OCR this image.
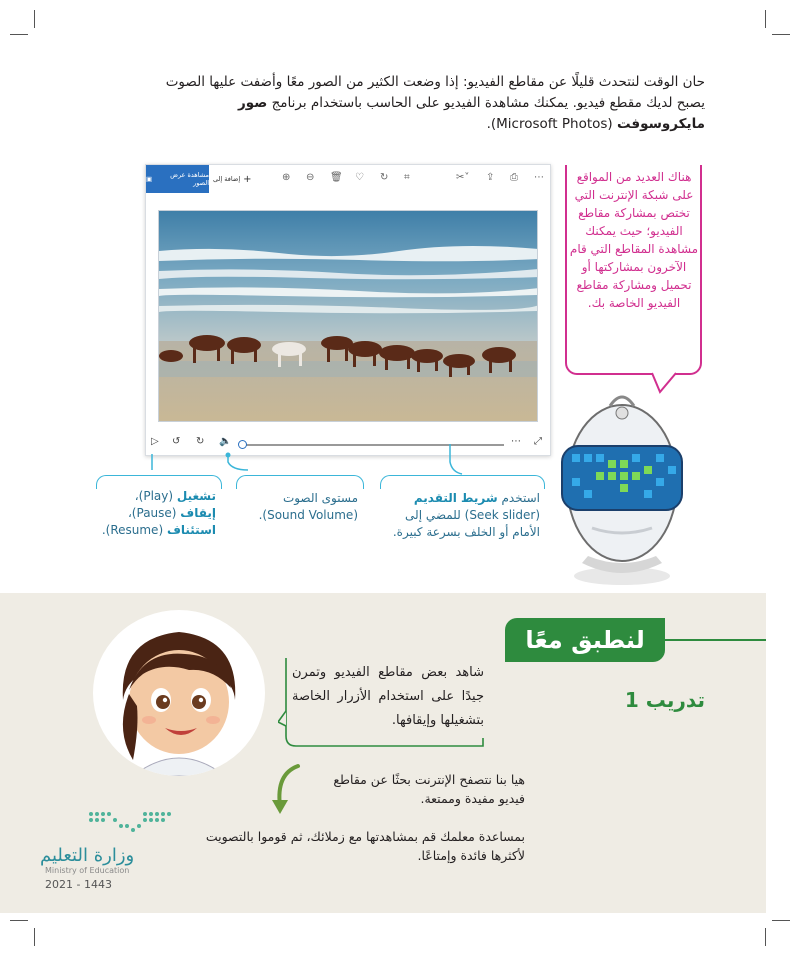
حان الوقت لنتحدث قليلًا عن مقاطع الفيديو: إذا وضعت الكثير من الصور معًا وأضفت عليها الصوت يصبح لديك مقطع فيديو. يمكنك مشاهدة الفيديو على الحاسب باستخدام برنامج صور مايكروسوفت (Microsoft Photos).

مشاهدة عرض الصور
▣	+
إضافة إلى	⊕ ⊖ 🗑 ♡ ↻ ⌗	✂˅ ⇪ ⎙ ⋯
▷ ↺ ↻ 🔈	⋯ ⤢
تشغيل (Play)،
إيقاف (Pause)،
استئناف (Resume).
مستوى الصوت
(Sound Volume).
استخدم شريط التقديم
(Seek slider) للمضي إلى
الأمام أو الخلف بسرعة كبيرة.

هناك العديد من المواقع على شبكة الإنترنت التي تختص بمشاركة مقاطع الفيديو؛ حيث يمكنك مشاهدة المقاطع التي قام الآخرون بمشاركتها أو تحميل ومشاركة مقاطع الفيديو الخاصة بك.

لنطبق معًا
تدريب 1

شاهد بعض مقاطع الفيديو وتمرن جيدًا على استخدام الأزرار الخاصة بتشغيلها وإيقافها.

هيا بنا نتصفح الإنترنت بحثًا عن مقاطع فيديو مفيدة وممتعة.

بمساعدة معلمك قم بمشاهدتها مع زملائك، ثم قوموا بالتصويت لأكثرها فائدة وإمتاعًا.

وزارة التعليم
Ministry of Education
2021 - 1443
